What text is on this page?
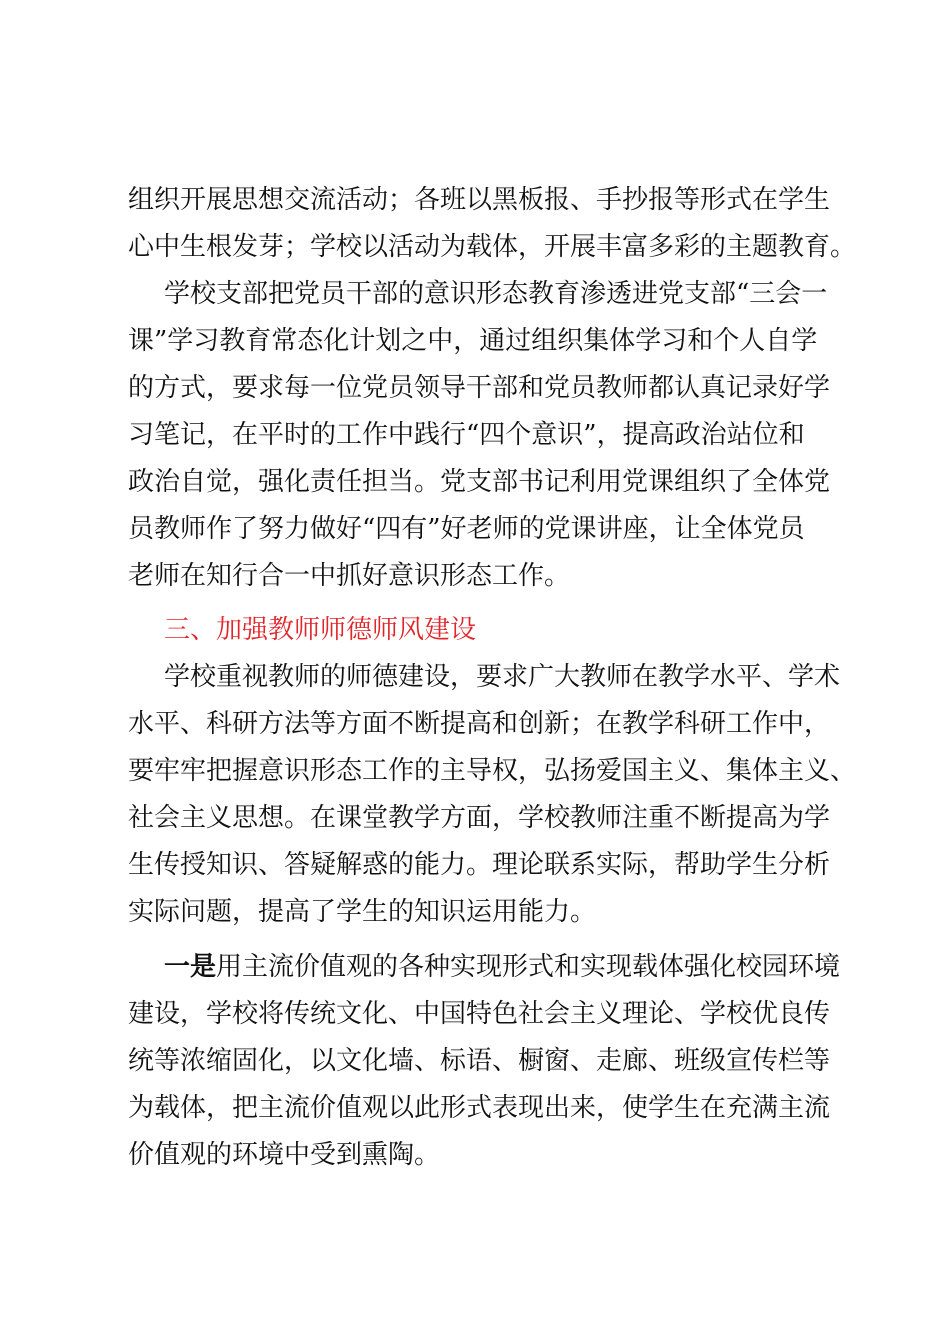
组织开展思想交流活动；各班以黑板报、手抄报等形式在学生
心中生根发芽；学校以活动为载体，开展丰富多彩的主题教育。
学校支部把党员干部的意识形态教育渗透进党支部“三会一
课”学习教育常态化计划之中，通过组织集体学习和个人自学
的方式，要求每一位党员领导干部和党员教师都认真记录好学
习笔记，在平时的工作中践行“四个意识”，提高政治站位和
政治自觉，强化责任担当。党支部书记利用党课组织了全体党
员教师作了努力做好“四有”好老师的党课讲座，让全体党员
老师在知行合一中抓好意识形态工作。
三、加强教师师德师风建设
学校重视教师的师德建设，要求广大教师在教学水平、学术
水平、科研方法等方面不断提高和创新；在教学科研工作中，
要牢牢把握意识形态工作的主导权，弘扬爱国主义、集体主义、
社会主义思想。在课堂教学方面，学校教师注重不断提高为学
生传授知识、答疑解惑的能力。理论联系实际，帮助学生分析
实际问题，提高了学生的知识运用能力。
一是用主流价值观的各种实现形式和实现载体强化校园环境
建设，学校将传统文化、中国特色社会主义理论、学校优良传
统等浓缩固化，以文化墙、标语、橱窗、走廊、班级宣传栏等
为载体，把主流价值观以此形式表现出来，使学生在充满主流
价值观的环境中受到熏陶。
